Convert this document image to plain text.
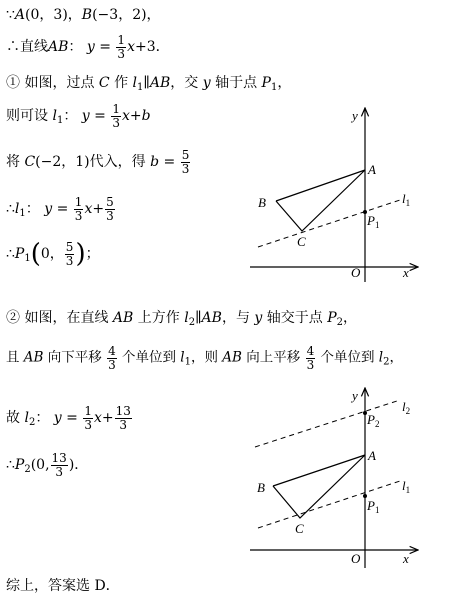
∵A(0，3)，B(−3，2)，
∴直线AB： $y = \frac{1}{3} x+3$．
① 如图，过点 C 作 $l_1\parallel AB$，交 y 轴于点 $P_1$，
则可设 $l_1$： $y = \frac{1}{3} x+b$
将 C(−2，1)代入，得 $b = \frac{5}{3}$
$\therefore l_1$： $y = \frac{1}{3} x+ \frac{5}{3}$
$\therefore P_1(0$， $\frac{5}{3}$ )；
② 如图，在直线 AB 上方作 $l_2\parallel AB$，与 y 轴交于点 $P_2$，
且 AB 向下平移 $\frac{4}{3}$ 个单位到 $l_1$，则 AB 向上平移 $\frac{4}{3}$ 个单位到 $l_2$，
故 $l_2$： $y = \frac{1}{3} x+ \frac{13}{3}$
$\therefore P_2(0$, $\frac{13}{3}$ )．
综上，答案选 D．
y
x
O
A
B
C
$P_1$
$l_1$
y
x
O
A
B
C
$P_1$
$P_2$
$l_1$
$l_2$
